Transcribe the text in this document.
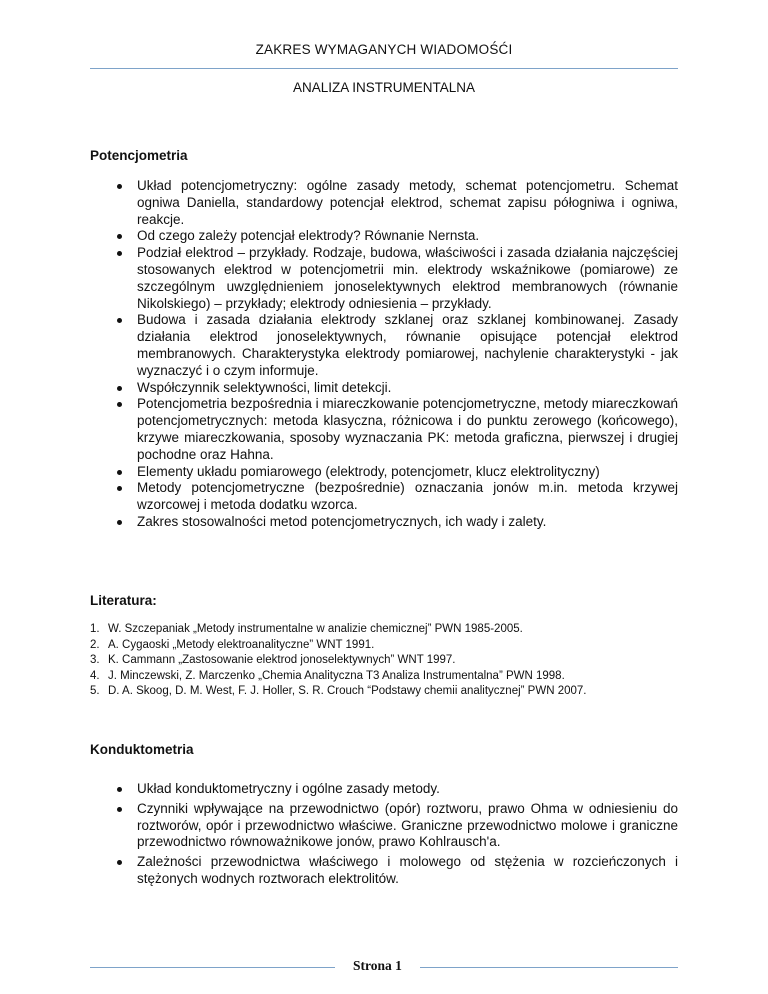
ZAKRES WYMAGANYCH WIADOMOŚĆI
ANALIZA INSTRUMENTALNA
Potencjometria
Układ potencjometryczny: ogólne zasady metody, schemat potencjometru. Schemat ogniwa Daniella, standardowy potencjał elektrod, schemat zapisu półogniwa i ogniwa, reakcje.
Od czego zależy potencjał elektrody? Równanie Nernsta.
Podział elektrod – przykłady. Rodzaje, budowa, właściwości i zasada działania najczęściej stosowanych elektrod w potencjometrii min. elektrody wskaźnikowe (pomiarowe) ze szczególnym uwzględnieniem jonoselektywnych elektrod membranowych (równanie Nikolskiego) – przykłady; elektrody odniesienia – przykłady.
Budowa i zasada działania elektrody szklanej oraz szklanej kombinowanej. Zasady działania elektrod jonoselektywnych, równanie opisujące potencjał elektrod membranowych. Charakterystyka elektrody pomiarowej, nachylenie charakterystyki - jak wyznaczyć i o czym informuje.
Współczynnik selektywności, limit detekcji.
Potencjometria bezpośrednia i miareczkowanie potencjometryczne, metody miareczkowań potencjometrycznych: metoda klasyczna, różnicowa i do punktu zerowego (końcowego), krzywe miareczkowania, sposoby wyznaczania PK: metoda graficzna, pierwszej i drugiej pochodne oraz Hahna.
Elementy układu pomiarowego (elektrody, potencjometr, klucz elektrolityczny)
Metody potencjometryczne (bezpośrednie) oznaczania jonów m.in. metoda krzywej wzorcowej i metoda dodatku wzorca.
Zakres stosowalności metod potencjometrycznych, ich wady i zalety.
Literatura:
1. W. Szczepaniak „Metody instrumentalne w analizie chemicznej” PWN 1985-2005.
2. A. Cygaoski „Metody elektroanalityczne” WNT 1991.
3. K. Cammann „Zastosowanie elektrod jonoselektywnych” WNT 1997.
4. J. Minczewski, Z. Marczenko „Chemia Analityczna T3 Analiza Instrumentalna” PWN 1998.
5. D. A. Skoog, D. M. West, F. J. Holler, S. R. Crouch “Podstawy chemii analitycznej” PWN 2007.
Konduktometria
Układ konduktometryczny i ogólne zasady metody.
Czynniki wpływające na przewodnictwo (opór) roztworu, prawo Ohma w odniesieniu do roztworów, opór i przewodnictwo właściwe. Graniczne przewodnictwo molowe i graniczne przewodnictwo równoważnikowe jonów, prawo Kohlrausch'a.
Zależności przewodnictwa właściwego i molowego od stężenia w rozcieńczonych i stężonych wodnych roztworach elektrolitów.
Strona 1
